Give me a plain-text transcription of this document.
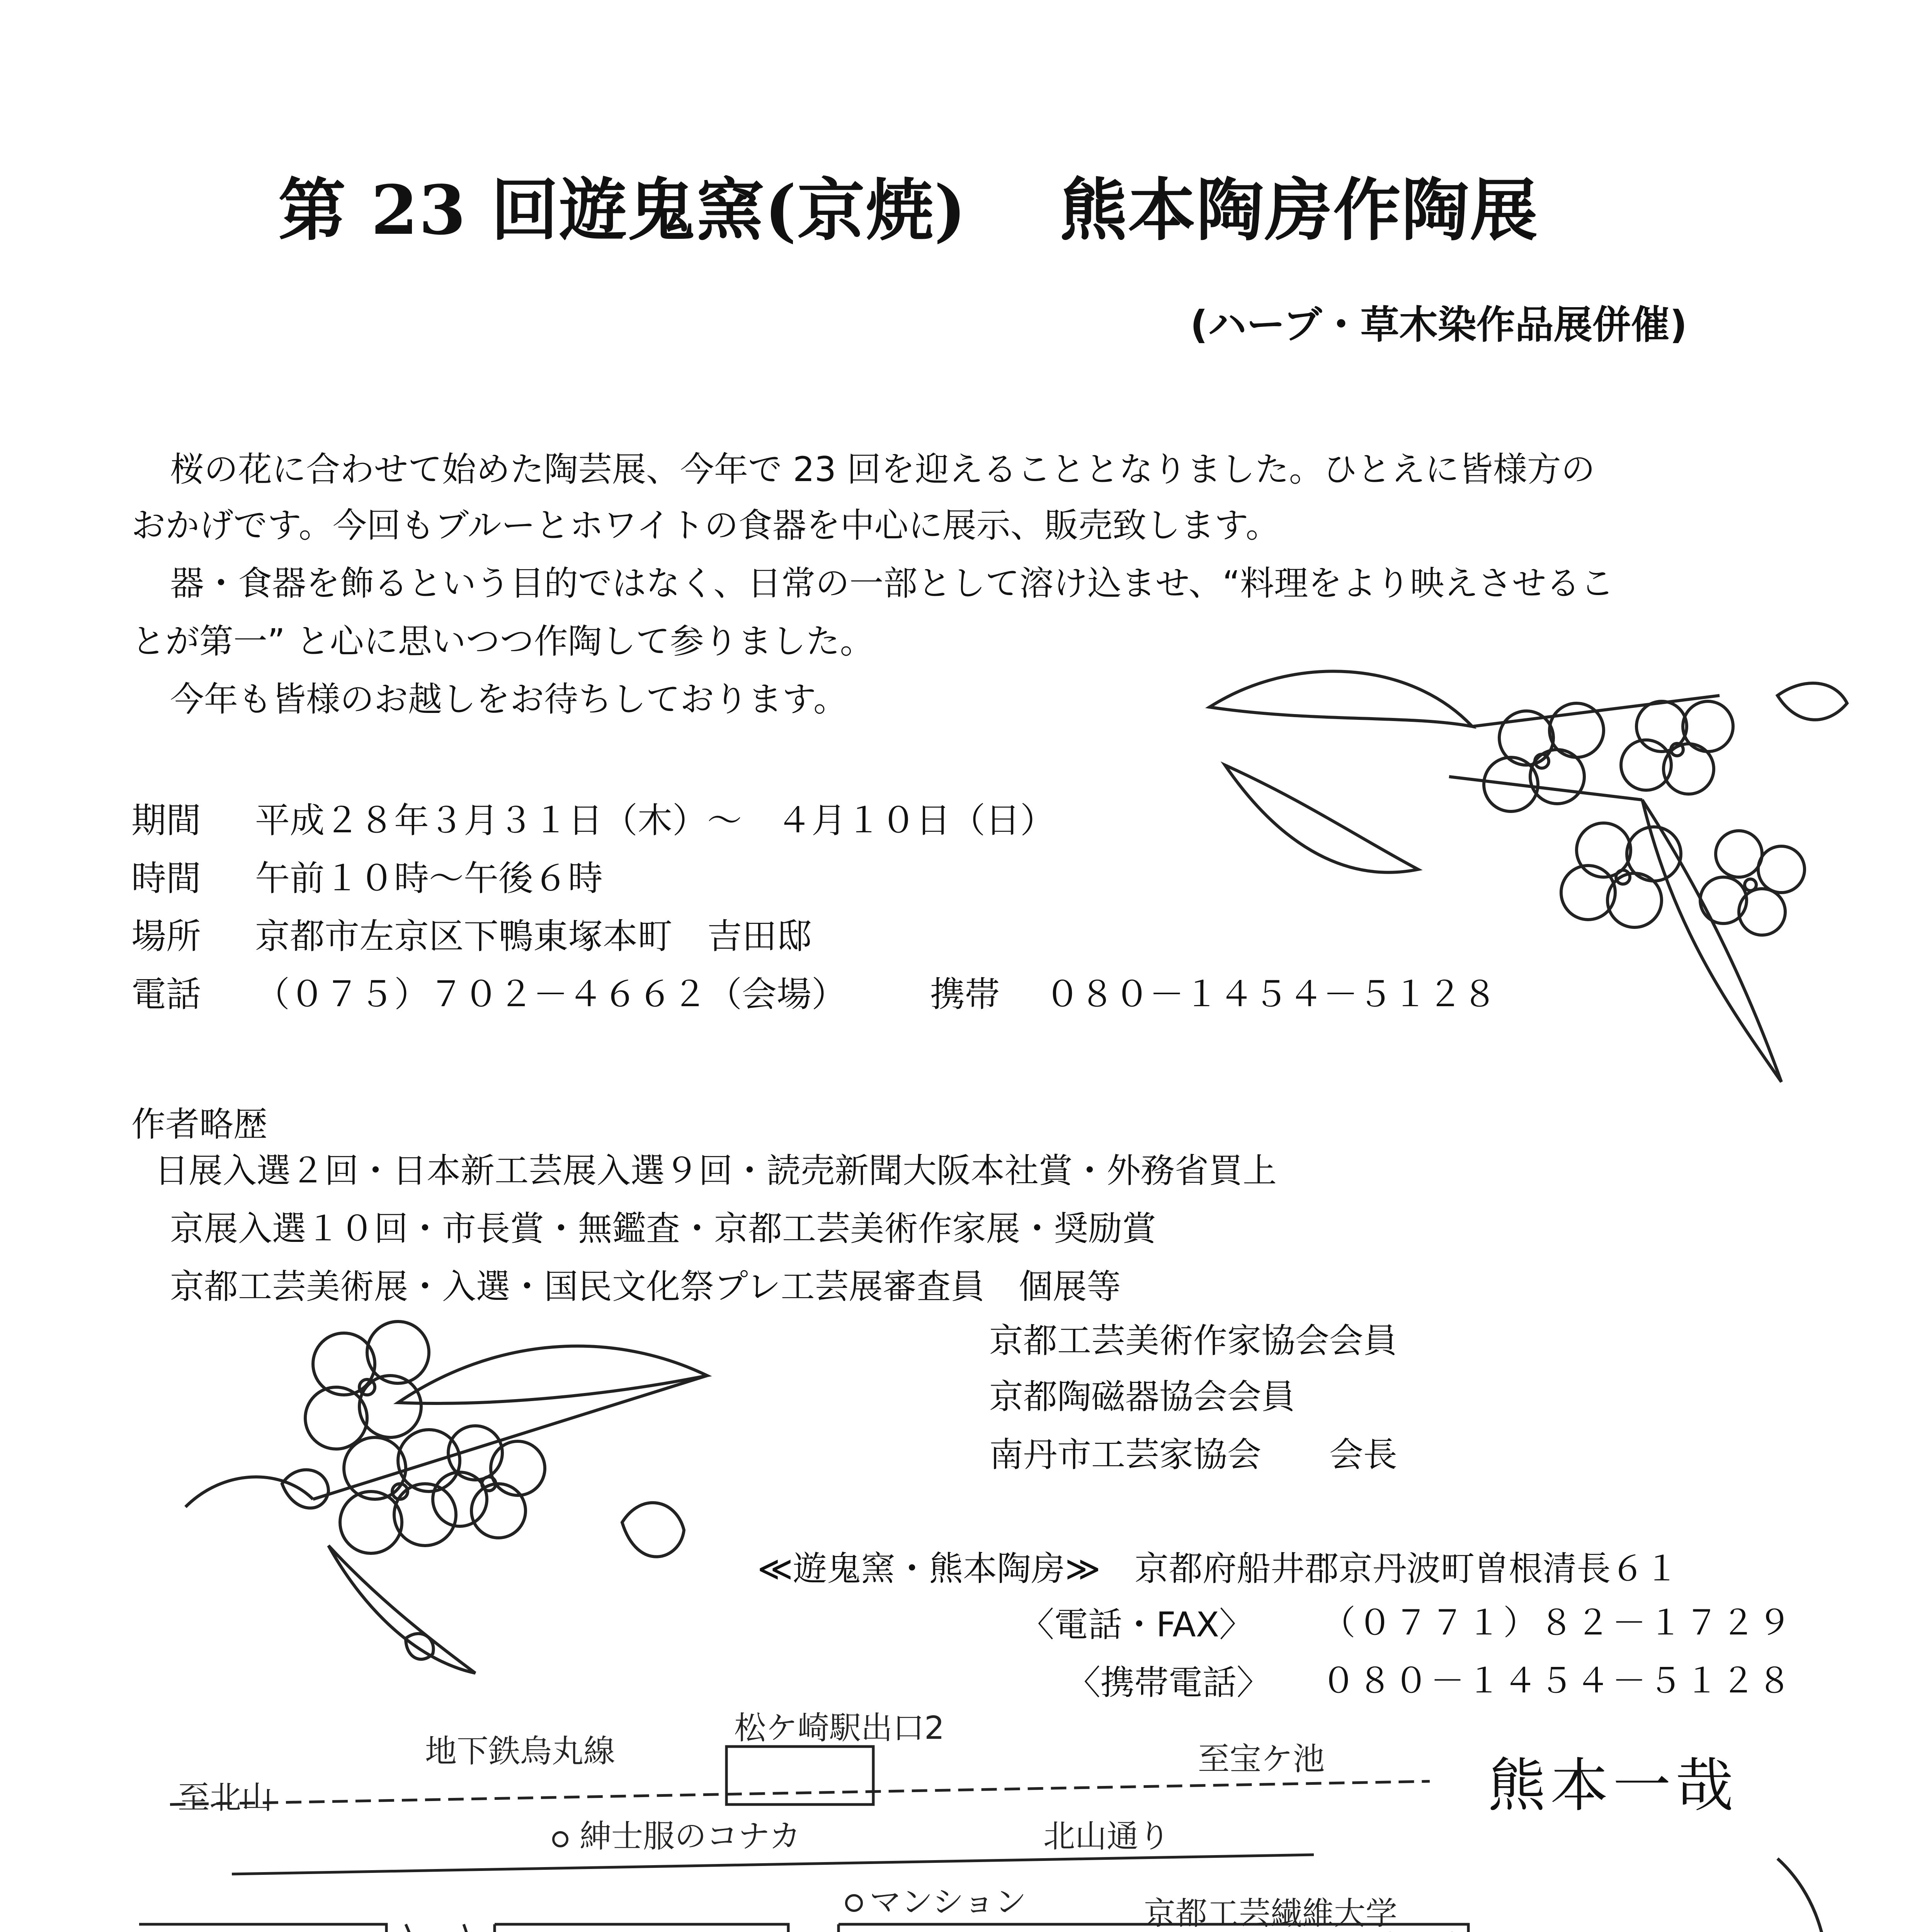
第 23 回遊鬼窯(京焼)　 熊本陶房作陶展
(ハーブ・草木染作品展併催)
桜の花に合わせて始めた陶芸展、今年で 23 回を迎えることとなりました。ひとえに皆様方の
おかげです。今回もブルーとホワイトの食器を中心に展示、販売致します。
器・食器を飾るという目的ではなく、日常の一部として溶け込ませ、“料理をより映えさせるこ
とが第一” と心に思いつつ作陶して参りました。
今年も皆様のお越しをお待ちしております。
期間 平成２８年３月３１日（木）～　４月１０日（日）
時間 午前１０時～午後６時
場所 京都市左京区下鴨東塚本町　吉田邸
電話 （０７５）７０２－４６６２（会場） 携帯 ０８０－１４５４－５１２８
作者略歴
日展入選２回・日本新工芸展入選９回・読売新聞大阪本社賞・外務省買上
京展入選１０回・市長賞・無鑑査・京都工芸美術作家展・奨励賞
京都工芸美術展・入選・国民文化祭プレ工芸展審査員　個展等
京都工芸美術作家協会会員
京都陶磁器協会会員
南丹市工芸家協会　　会長
≪遊鬼窯・熊本陶房≫　京都府船井郡京丹波町曽根清長６１
〈電話・FAX〉 （０７７１）８２－１７２９
〈携帯電話〉 ０８０－１４５４－５１２８
熊本一哉
至北山
地下鉄烏丸線
松ケ崎駅出口2
至宝ケ池
紳士服のコナカ	北山通り
マンション	京都工芸繊維大学
